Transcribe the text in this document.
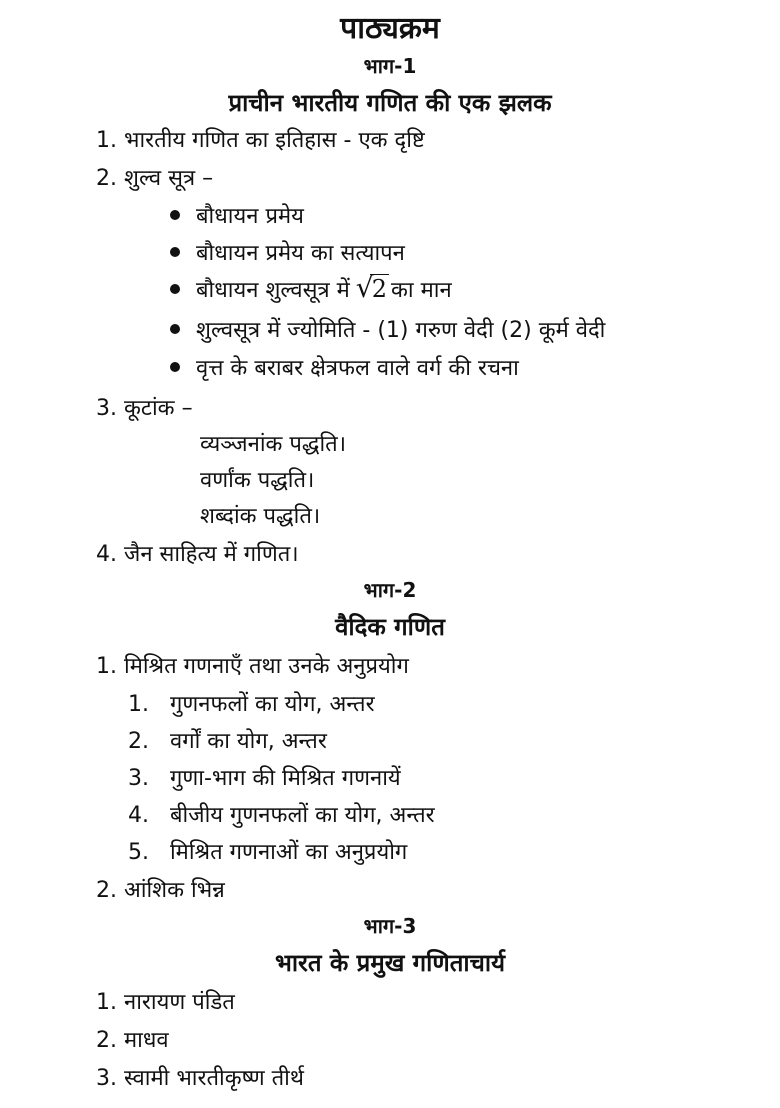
पाठ्यक्रम
भाग-1
प्राचीन भारतीय गणित की एक झलक
1. भारतीय गणित का इतिहास - एक दृष्टि
2. शुल्व सूत्र –
बौधायन प्रमेय
बौधायन प्रमेय का सत्यापन
बौधायन शुल्वसूत्र में √
2 का मान
शुल्वसूत्र में ज्योमिति - (1) गरुण वेदी (2) कूर्म वेदी
वृत्त के बराबर क्षेत्रफल वाले वर्ग की रचना
3. कूटांक –
व्यञ्जनांक पद्धति।
वर्णांक पद्धति।
शब्दांक पद्धति।
4. जैन साहित्य में गणित।
भाग-2
वैदिक गणित
1. मिश्रित गणनाएँ तथा उनके अनुप्रयोग
1. गुणनफलों का योग, अन्तर
2. वर्गों का योग, अन्तर
3. गुणा-भाग की मिश्रित गणनायें
4. बीजीय गुणनफलों का योग, अन्तर
5. मिश्रित गणनाओं का अनुप्रयोग
2. आंशिक भिन्न
भाग-3
भारत के प्रमुख गणिताचार्य
1. नारायण पंडित
2. माधव
3. स्वामी भारतीकृष्ण तीर्थ
